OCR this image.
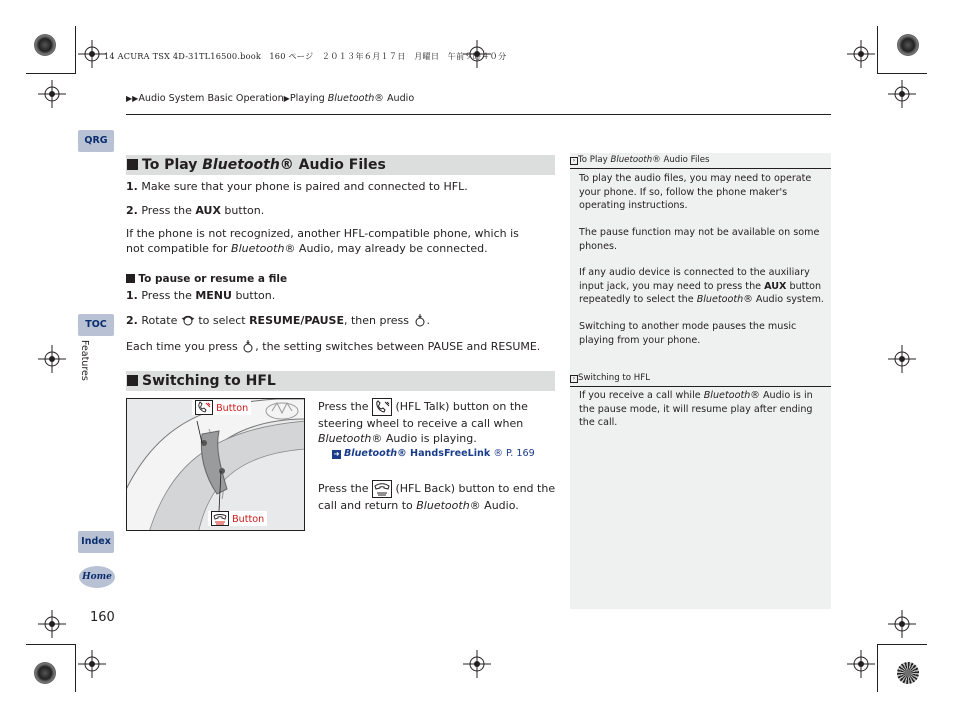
14 ACURA TSX 4D-31TL16500.book　160 ページ　２０１３年６月１７日　月曜日　午前９時４０分
▶▶Audio System Basic Operation▶Playing Bluetooth® Audio
QRG
TOC
Features
Index
Home
160
To Play Bluetooth® Audio Files
1. Make sure that your phone is paired and connected to HFL.
2. Press the AUX button.
If the phone is not recognized, another HFL-compatible phone, which is not compatible for Bluetooth® Audio, may already be connected.
To pause or resume a file
1. Press the MENU button.
2. Rotate  to select RESUME/PAUSE, then press .
Each time you press , the setting switches between PAUSE and RESUME.
Switching to HFL
Button
Button
Press the  (HFL Talk) button on the steering wheel to receive a call when Bluetooth® Audio is playing.
➜ Bluetooth® HandsFreeLink ® P. 169
Press the  (HFL Back) button to end the call and return to Bluetooth® Audio.
› To Play Bluetooth® Audio Files
To play the audio files, you may need to operate your phone. If so, follow the phone maker's operating instructions.
The pause function may not be available on some phones.
If any audio device is connected to the auxiliary input jack, you may need to press the AUX button repeatedly to select the Bluetooth® Audio system.
Switching to another mode pauses the music playing from your phone.
› Switching to HFL
If you receive a call while Bluetooth® Audio is in the pause mode, it will resume play after ending the call.
